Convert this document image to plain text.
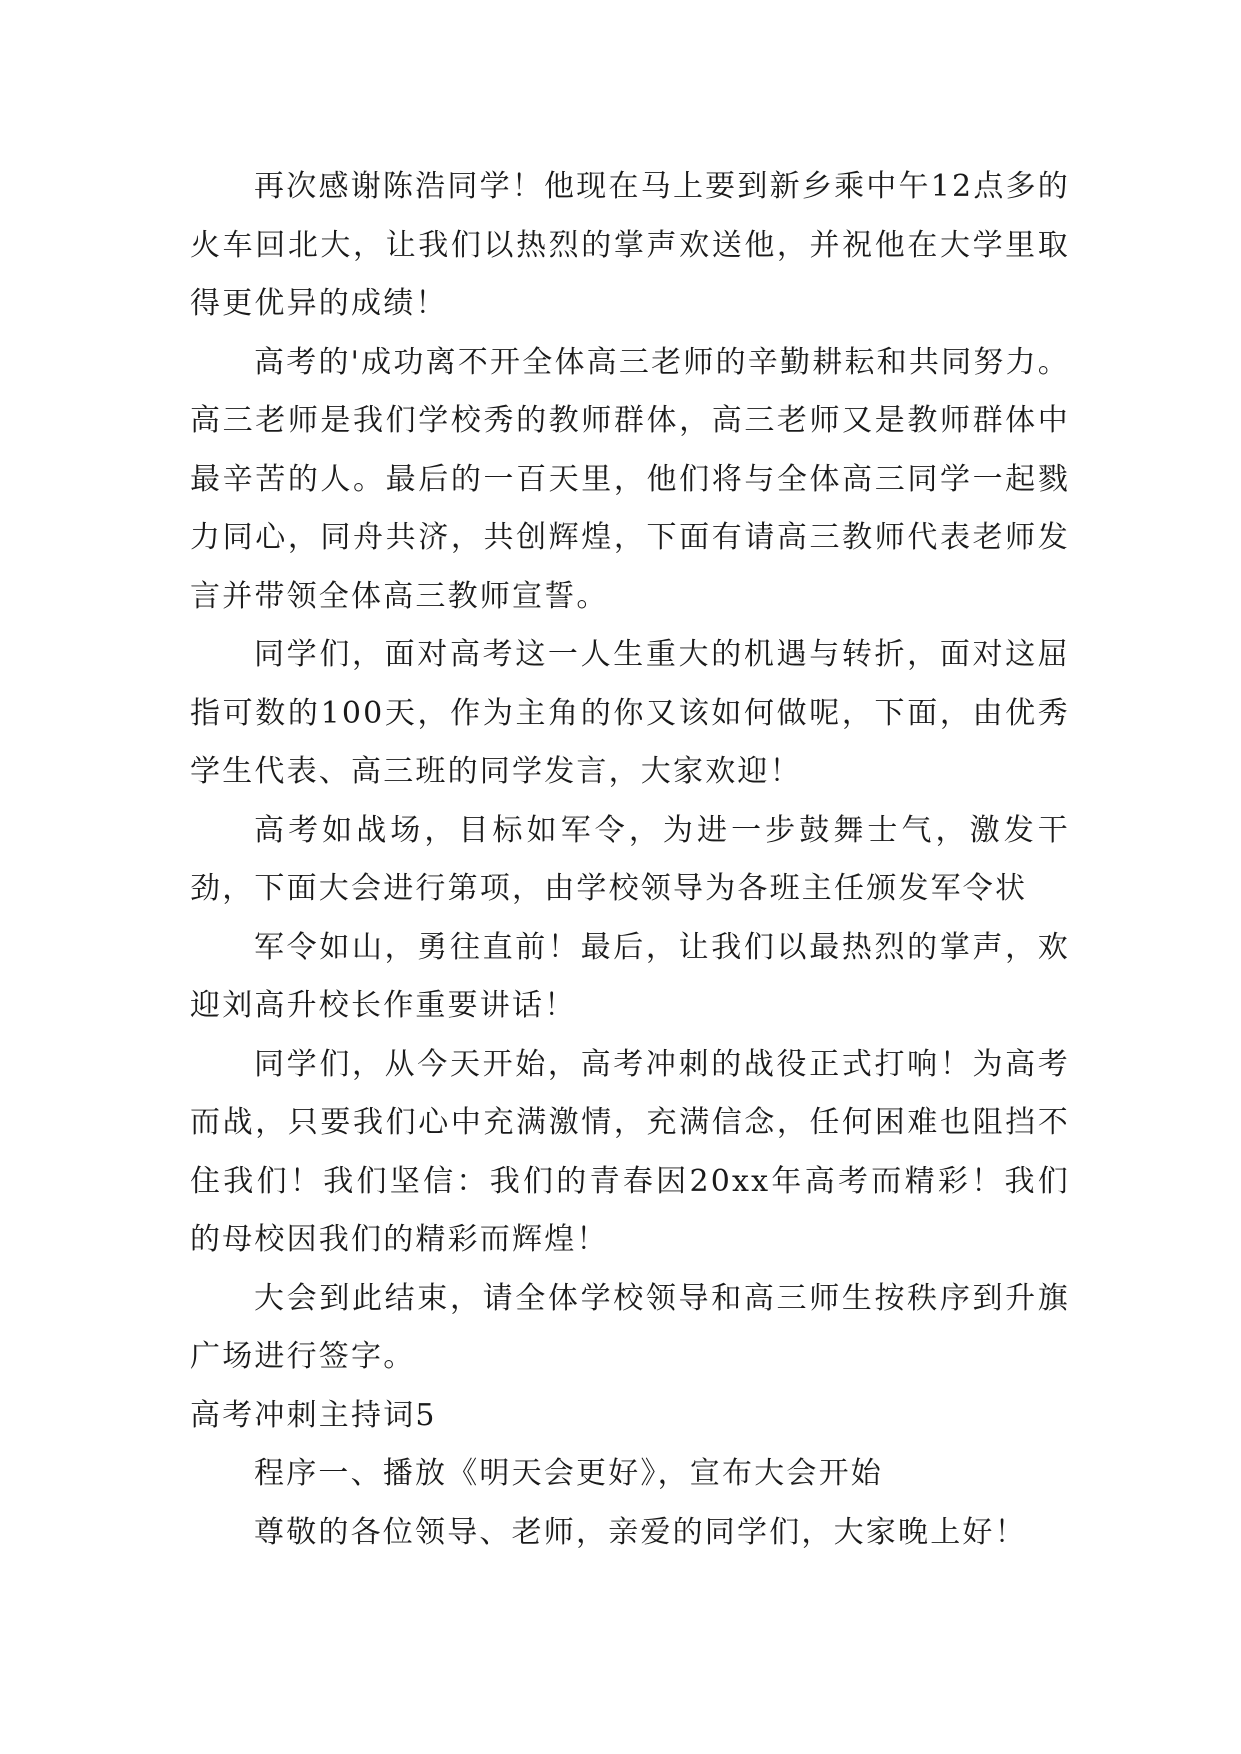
再次感谢陈浩同学！他现在马上要到新乡乘中午12点多的火车回北大，让我们以热烈的掌声欢送他，并祝他在大学里取得更优异的成绩！

高考的'成功离不开全体高三老师的辛勤耕耘和共同努力。高三老师是我们学校秀的教师群体，高三老师又是教师群体中最辛苦的人。最后的一百天里，他们将与全体高三同学一起戮力同心，同舟共济，共创辉煌，下面有请高三教师代表老师发言并带领全体高三教师宣誓。

同学们，面对高考这一人生重大的机遇与转折，面对这屈指可数的100天，作为主角的你又该如何做呢，下面，由优秀学生代表、高三班的同学发言，大家欢迎！

高考如战场，目标如军令，为进一步鼓舞士气，激发干劲，下面大会进行第项，由学校领导为各班主任颁发军令状

军令如山，勇往直前！最后，让我们以最热烈的掌声，欢迎刘高升校长作重要讲话！

同学们，从今天开始，高考冲刺的战役正式打响！为高考而战，只要我们心中充满激情，充满信念，任何困难也阻挡不住我们！我们坚信：我们的青春因20xx年高考而精彩！我们的母校因我们的精彩而辉煌！

大会到此结束，请全体学校领导和高三师生按秩序到升旗广场进行签字。

高考冲刺主持词5

程序一、播放《明天会更好》，宣布大会开始

尊敬的各位领导、老师，亲爱的同学们，大家晚上好！
